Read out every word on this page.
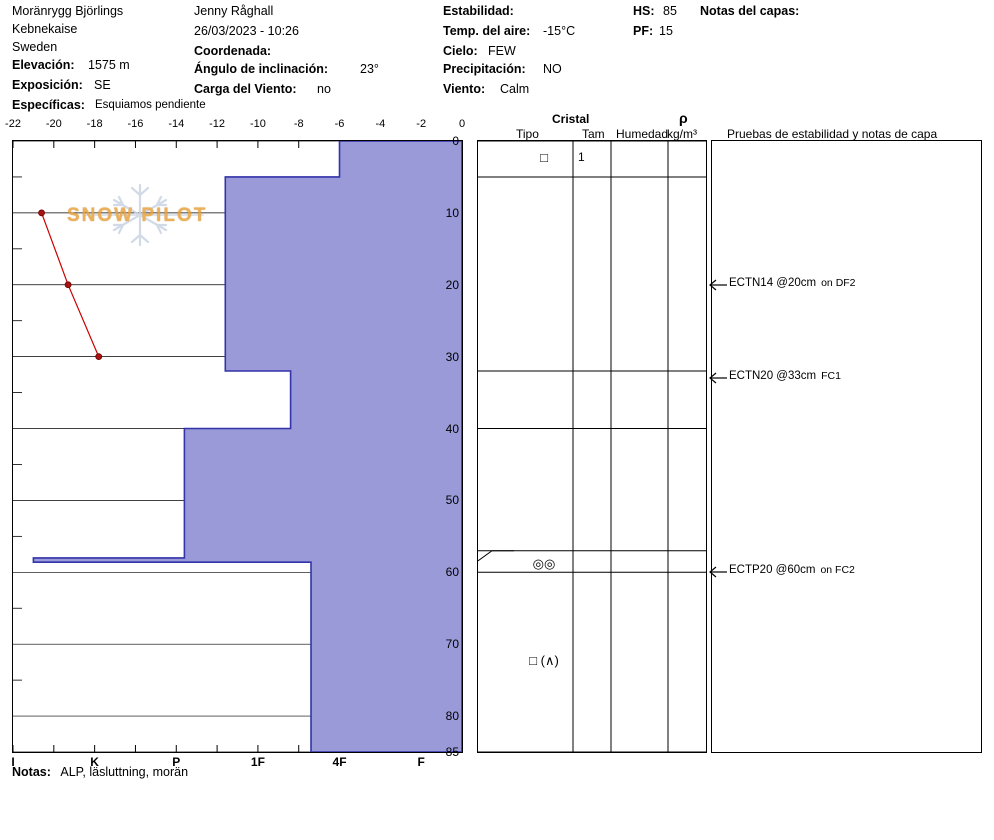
Moränrygg Björlings
Kebnekaise
Sweden
Elevación: 1575 m
Exposición: SE
Específicas: Esquiamos pendiente
Jenny Råghall
26/03/2023 - 10:26
Coordenada:
Ángulo de inclinación:	23°
Carga del Viento: no
Estabilidad:
Temp. del aire: -15°C
Cielo: FEW
Precipitación: NO
Viento: Calm
HS: 85
PF: 15
Notas del capas:
-22 -20 -18 -16 -14 -12 -10	-8	-6	-4	-2	0
SNOW PILOT
0
10
20
30
40
50
60
70
80
85
I	K	P	1F	4F	F
Cristal
Tipo	Tam Humedad
ρ
kg/m³	Pruebas de estabilidad y notas de capa
□	1
◎◎
□ (∧)
ECTN14 @20cm on DF2
ECTN20 @33cm FC1
ECTP20 @60cm on FC2
Notas: ALP, läsluttning, morän
